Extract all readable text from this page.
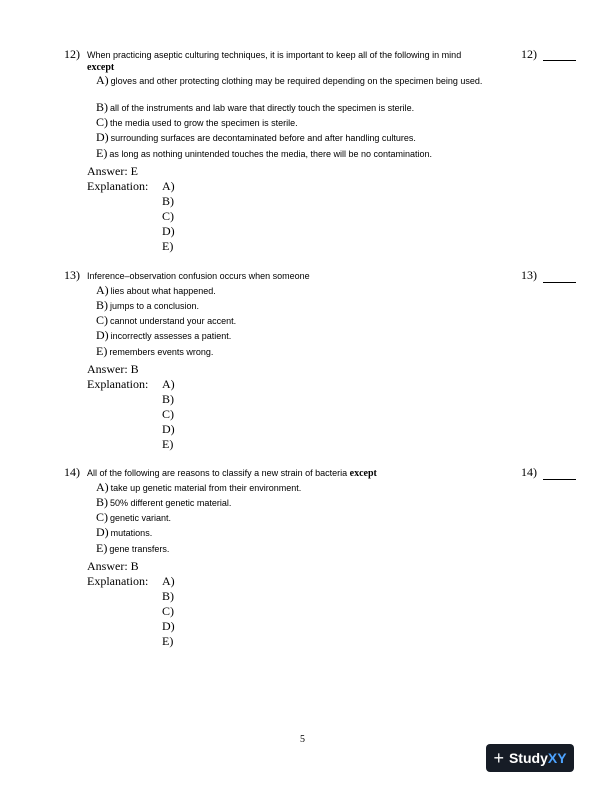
12) When practicing aseptic culturing techniques, it is important to keep all of the following in mind
except
12)
A) gloves and other protecting clothing may be required depending on the specimen being used.
B) all of the instruments and lab ware that directly touch the specimen is sterile.
C) the media used to grow the specimen is sterile.
D) surrounding surfaces are decontaminated before and after handling cultures.
E) as long as nothing unintended touches the media, there will be no contamination.
Answer: E
Explanation: A)
B)
C)
D)
E)
13) Inference–observation confusion occurs when someone	13)
A) lies about what happened.
B) jumps to a conclusion.
C) cannot understand your accent.
D) incorrectly assesses a patient.
E) remembers events wrong.
Answer: B
Explanation: A)
B)
C)
D)
E)
14) All of the following are reasons to classify a new strain of bacteria except	14)
A) take up genetic material from their environment.
B) 50% different genetic material.
C) genetic variant.
D) mutations.
E) gene transfers.
Answer: B
Explanation: A)
B)
C)
D)
E)
5
+ Study XY
